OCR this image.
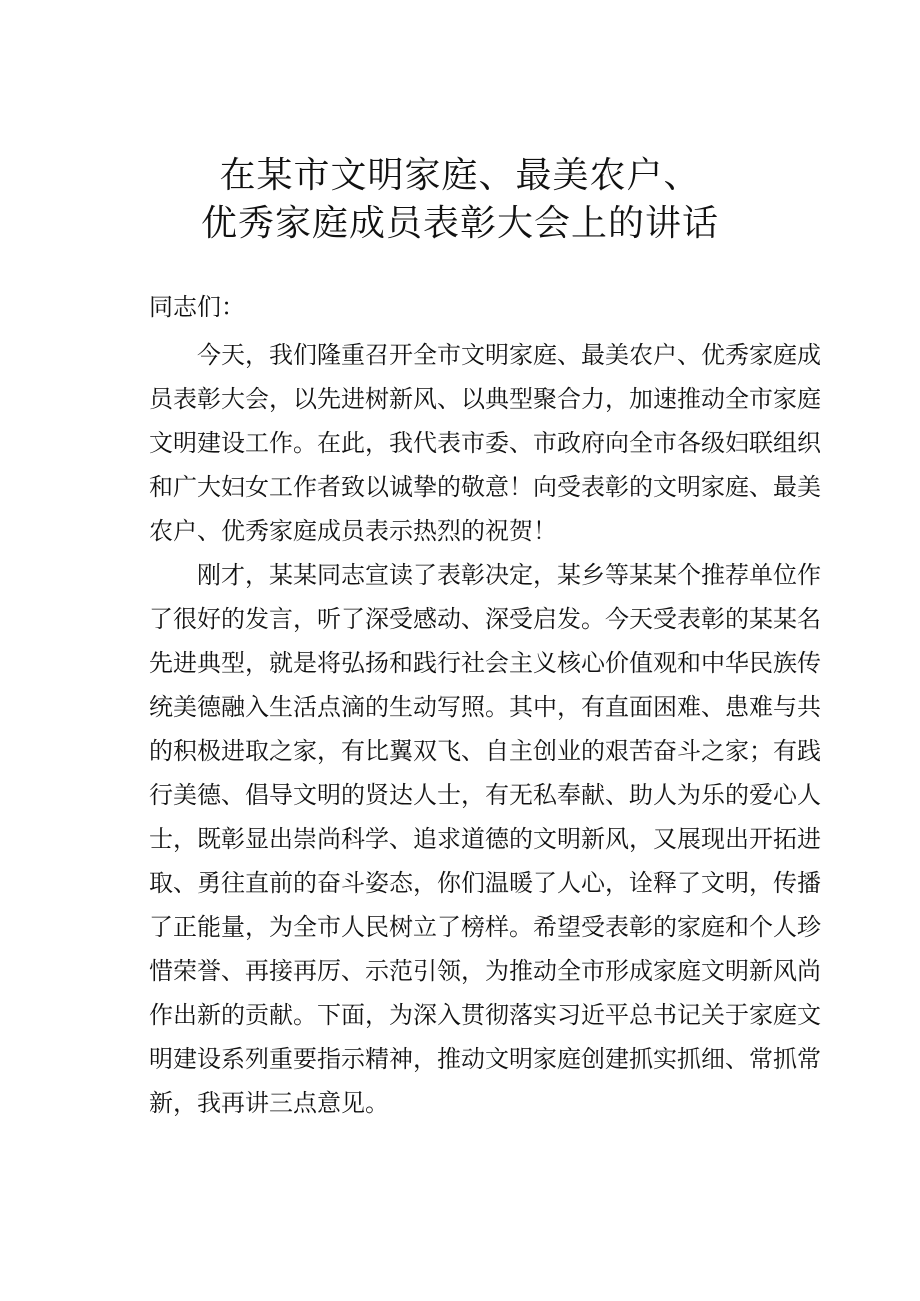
在某市文明家庭、最美农户、
优秀家庭成员表彰大会上的讲话
同志们：
今天，我们隆重召开全市文明家庭、最美农户、优秀家庭成
员表彰大会，以先进树新风、以典型聚合力，加速推动全市家庭
文明建设工作。在此，我代表市委、市政府向全市各级妇联组织
和广大妇女工作者致以诚挚的敬意！向受表彰的文明家庭、最美
农户、优秀家庭成员表示热烈的祝贺！
刚才，某某同志宣读了表彰决定，某乡等某某个推荐单位作
了很好的发言，听了深受感动、深受启发。今天受表彰的某某名
先进典型，就是将弘扬和践行社会主义核心价值观和中华民族传
统美德融入生活点滴的生动写照。其中，有直面困难、患难与共
的积极进取之家，有比翼双飞、自主创业的艰苦奋斗之家；有践
行美德、倡导文明的贤达人士，有无私奉献、助人为乐的爱心人
士，既彰显出崇尚科学、追求道德的文明新风，又展现出开拓进
取、勇往直前的奋斗姿态，你们温暖了人心，诠释了文明，传播
了正能量，为全市人民树立了榜样。希望受表彰的家庭和个人珍
惜荣誉、再接再厉、示范引领，为推动全市形成家庭文明新风尚
作出新的贡献。下面，为深入贯彻落实习近平总书记关于家庭文
明建设系列重要指示精神，推动文明家庭创建抓实抓细、常抓常
新，我再讲三点意见。
